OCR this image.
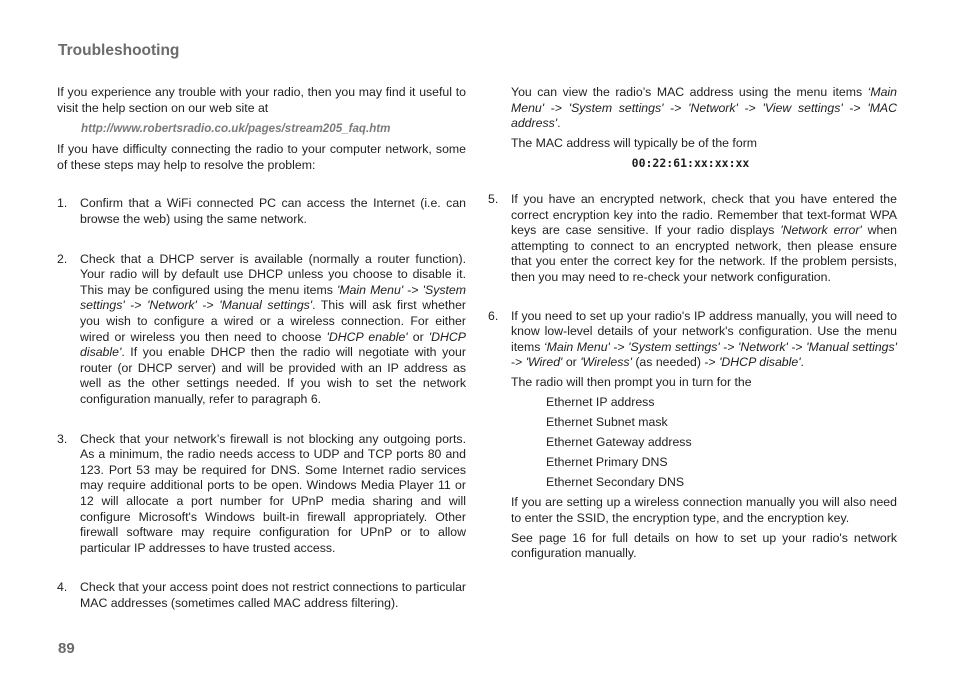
Troubleshooting

If you experience any trouble with your radio, then you may find it useful to visit the help section on our web site at

http://www.robertsradio.co.uk/pages/stream205_faq.htm

If you have difficulty connecting the radio to your computer network, some of these steps may help to resolve the problem:

1.	Confirm that a WiFi connected PC can access the Internet (i.e. can browse the web) using the same network.
2.	Check that a DHCP server is available (normally a router function). Your radio will by default use DHCP unless you choose to disable it. This may be configured using the menu items 'Main Menu' -> 'System settings' -> 'Network' -> 'Manual settings'. This will ask first whether you wish to configure a wired or a wireless connection. For either wired or wireless you then need to choose 'DHCP enable' or 'DHCP disable'. If you enable DHCP then the radio will negotiate with your router (or DHCP server) and will be provided with an IP address as well as the other settings needed. If you wish to set the network configuration manually, refer to paragraph 6.
3.	Check that your network’s firewall is not blocking any outgoing ports. As a minimum, the radio needs access to UDP and TCP ports 80 and 123. Port 53 may be required for DNS. Some Internet radio services may require additional ports to be open. Windows Media Player 11 or 12 will allocate a port number for UPnP media sharing and will configure Microsoft's Windows built-in firewall appropriately. Other firewall software may require configuration for UPnP or to allow particular IP addresses to have trusted access.
4.	Check that your access point does not restrict connections to particular MAC addresses (sometimes called MAC address filtering).

You can view the radio’s MAC address using the menu items ‘Main Menu' -> 'System settings' -> 'Network' -> 'View settings' -> 'MAC address'.

The MAC address will typically be of the form

00:22:61:xx:xx:xx

5.	If you have an encrypted network, check that you have entered the correct encryption key into the radio. Remember that text-format WPA keys are case sensitive. If your radio displays 'Network error' when attempting to connect to an encrypted network, then please ensure that you enter the correct key for the network. If the problem persists, then you may need to re-check your network configuration.
6.	If you need to set up your radio's IP address manually, you will need to know low-level details of your network's configuration. Use the menu items ‘Main Menu' -> 'System settings' -> 'Network' -> 'Manual settings' -> 'Wired' or 'Wireless' (as needed) -> 'DHCP disable'.

The radio will then prompt you in turn for the

Ethernet IP address
Ethernet Subnet mask
Ethernet Gateway address
Ethernet Primary DNS
Ethernet Secondary DNS

If you are setting up a wireless connection manually you will also need to enter the SSID, the encryption type, and the encryption key.

See page 16 for full details on how to set up your radio's network configuration manually.

89
